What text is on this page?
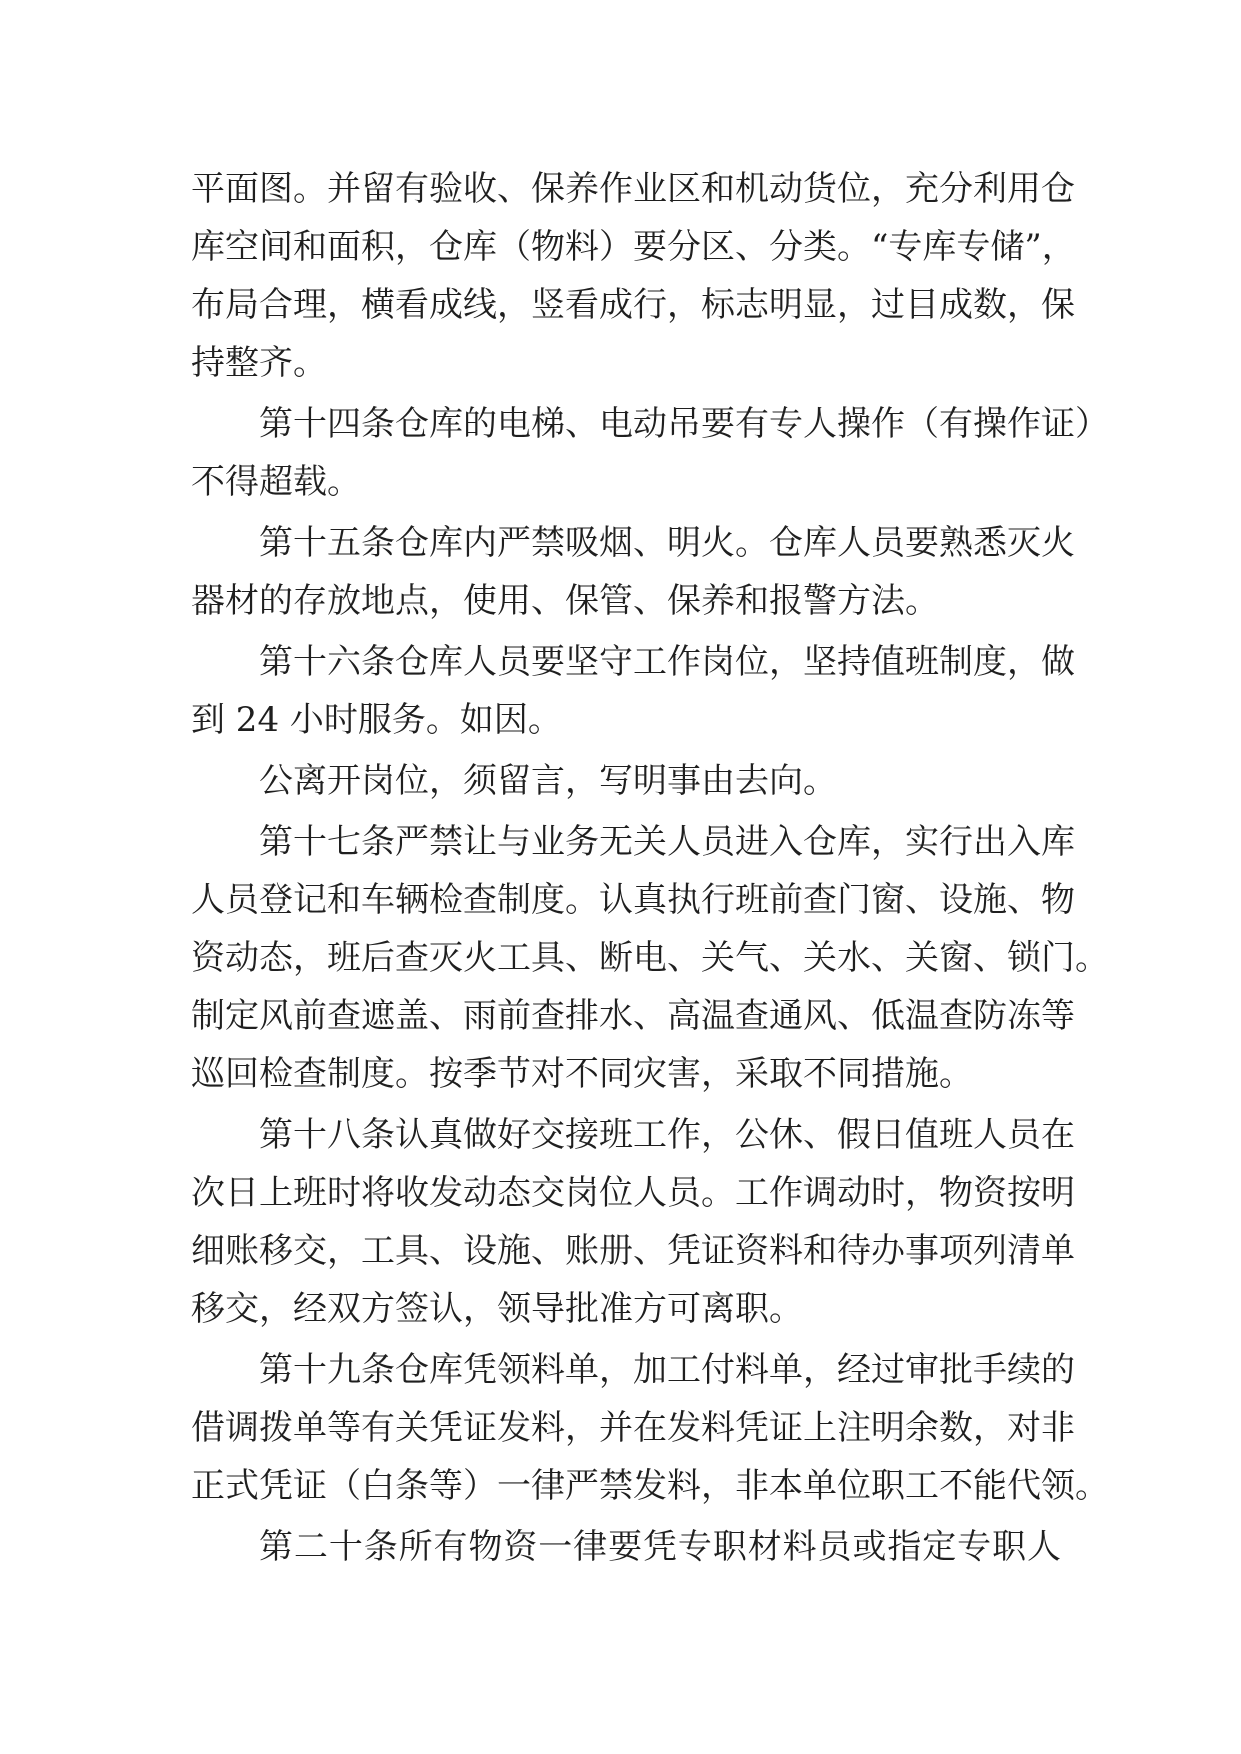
平面图。并留有验收、保养作业区和机动货位，充分利用仓
库空间和面积，仓库（物料）要分区、分类。“专库专储”，
布局合理，横看成线，竖看成行，标志明显，过目成数，保
持整齐。
第十四条仓库的电梯、电动吊要有专人操作（有操作证）
不得超载。
第十五条仓库内严禁吸烟、明火。仓库人员要熟悉灭火
器材的存放地点，使用、保管、保养和报警方法。
第十六条仓库人员要坚守工作岗位，坚持值班制度，做
到 24 小时服务。如因。
公离开岗位，须留言，写明事由去向。
第十七条严禁让与业务无关人员进入仓库，实行出入库
人员登记和车辆检查制度。认真执行班前查门窗、设施、物
资动态，班后查灭火工具、断电、关气、关水、关窗、锁门。
制定风前查遮盖、雨前查排水、高温查通风、低温查防冻等
巡回检查制度。按季节对不同灾害，采取不同措施。
第十八条认真做好交接班工作，公休、假日值班人员在
次日上班时将收发动态交岗位人员。工作调动时，物资按明
细账移交，工具、设施、账册、凭证资料和待办事项列清单
移交，经双方签认，领导批准方可离职。
第十九条仓库凭领料单，加工付料单，经过审批手续的
借调拨单等有关凭证发料，并在发料凭证上注明余数，对非
正式凭证（白条等）一律严禁发料，非本单位职工不能代领。
第二十条所有物资一律要凭专职材料员或指定专职人
